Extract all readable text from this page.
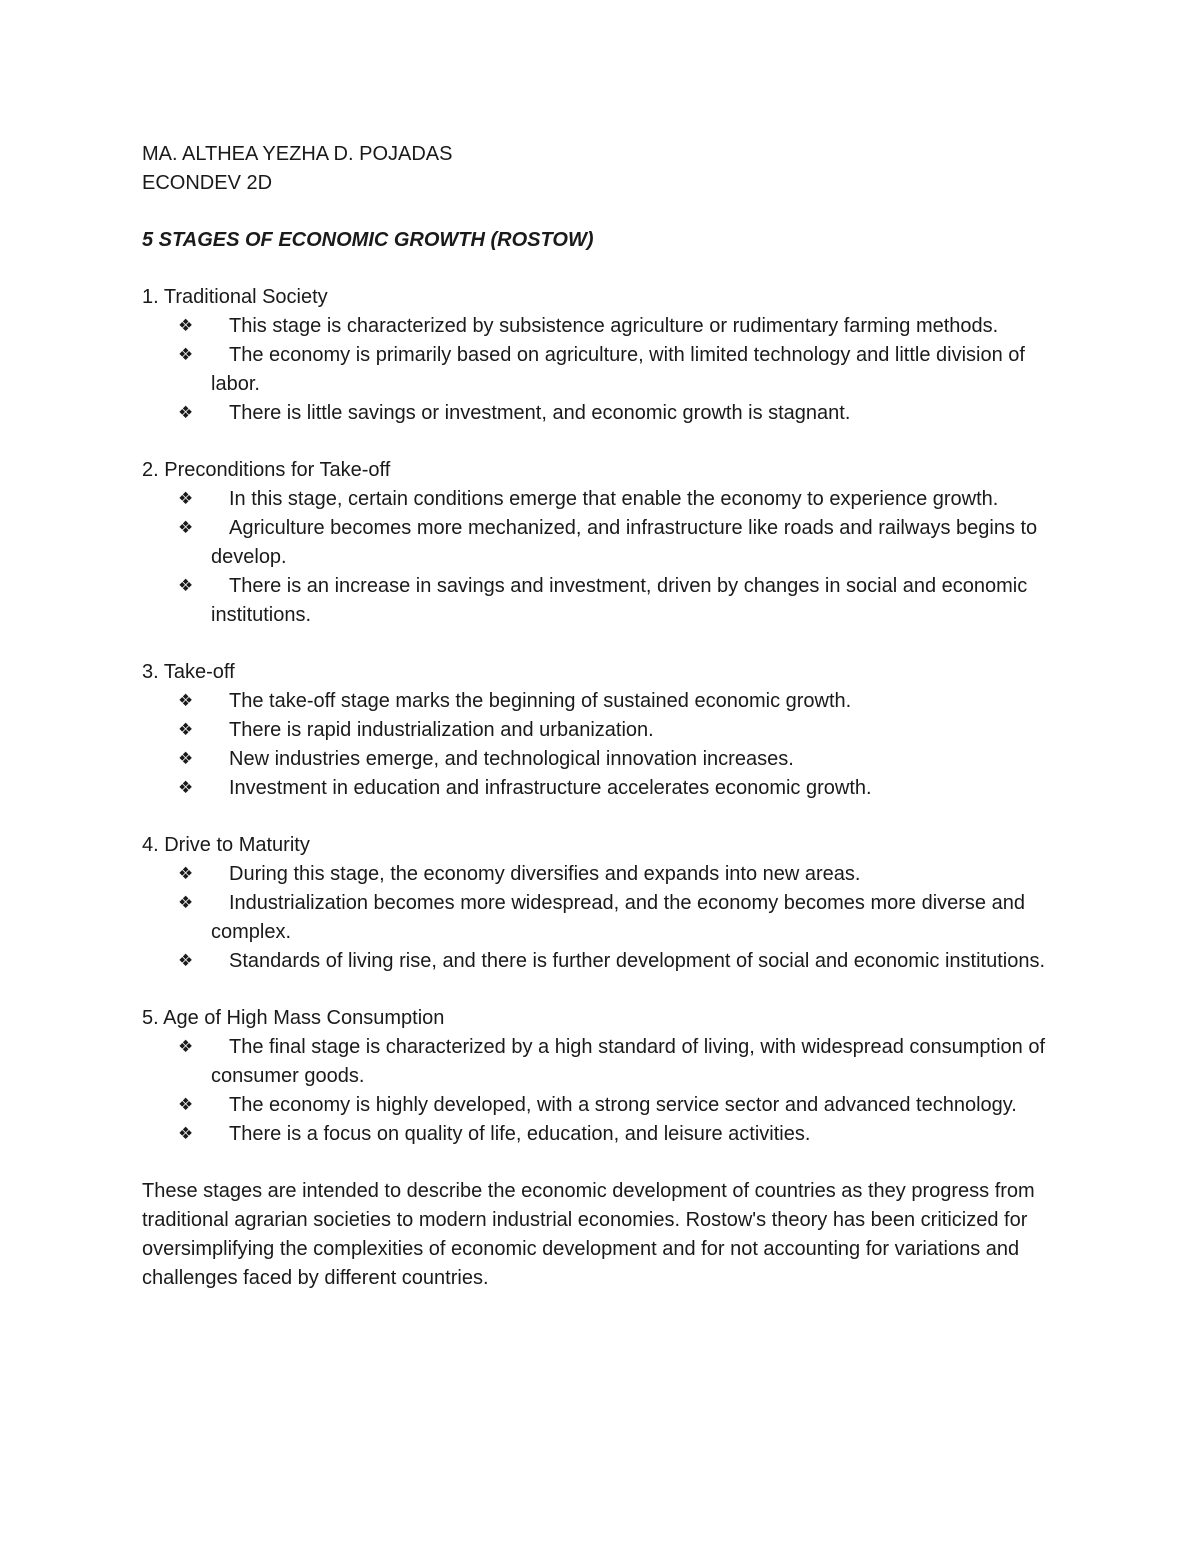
MA. ALTHEA YEZHA D. POJADAS

ECONDEV 2D

5 STAGES OF ECONOMIC GROWTH (ROSTOW)

1. Traditional Society

❖ This stage is characterized by subsistence agriculture or rudimentary farming methods.
❖ The economy is primarily based on agriculture, with limited technology and little division of labor.
❖ There is little savings or investment, and economic growth is stagnant.

2. Preconditions for Take-off

❖ In this stage, certain conditions emerge that enable the economy to experience growth.
❖ Agriculture becomes more mechanized, and infrastructure like roads and railways begins to develop.
❖ There is an increase in savings and investment, driven by changes in social and economic institutions.

3. Take-off

❖ The take-off stage marks the beginning of sustained economic growth.
❖ There is rapid industrialization and urbanization.
❖ New industries emerge, and technological innovation increases.
❖ Investment in education and infrastructure accelerates economic growth.

4. Drive to Maturity

❖ During this stage, the economy diversifies and expands into new areas.
❖ Industrialization becomes more widespread, and the economy becomes more diverse and complex.
❖ Standards of living rise, and there is further development of social and economic institutions.

5. Age of High Mass Consumption

❖ The final stage is characterized by a high standard of living, with widespread consumption of consumer goods.
❖ The economy is highly developed, with a strong service sector and advanced technology.
❖ There is a focus on quality of life, education, and leisure activities.

These stages are intended to describe the economic development of countries as they progress from traditional agrarian societies to modern industrial economies. Rostow's theory has been criticized for oversimplifying the complexities of economic development and for not accounting for variations and challenges faced by different countries.
